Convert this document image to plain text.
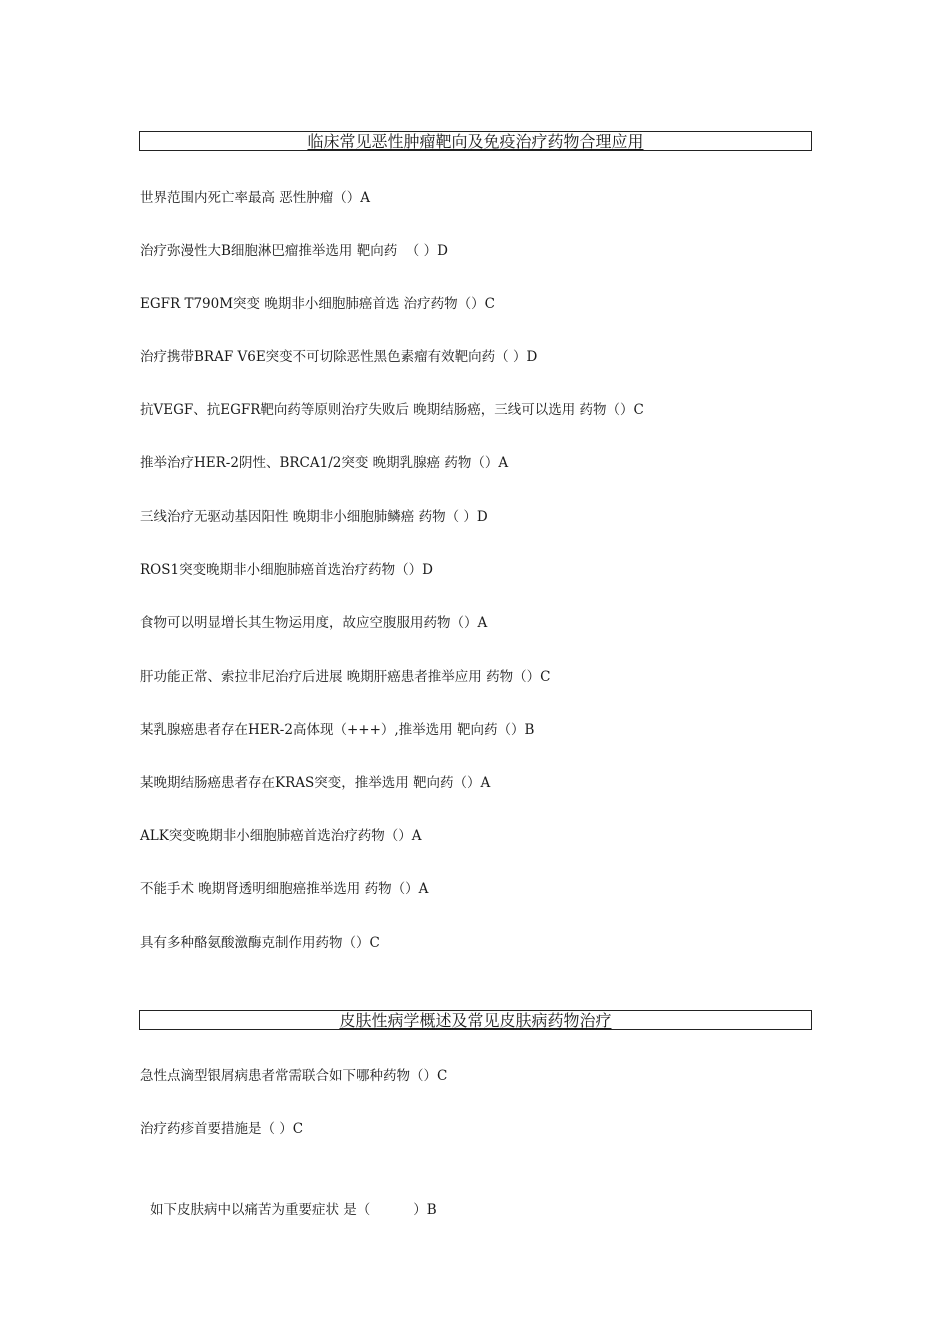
临床常见恶性肿瘤靶向及免疫治疗药物合理应用
世界范围内死亡率最高 恶性肿瘤（）A
治疗弥漫性大B细胞淋巴瘤推举选用 靶向药  （ ）D
EGFR T790M突变 晚期非小细胞肺癌首选 治疗药物（）C
治疗携带BRAF V6E突变不可切除恶性黑色素瘤有效靶向药（ ）D
抗VEGF、抗EGFR靶向药等原则治疗失败后 晚期结肠癌，三线可以选用 药物（）C
推举治疗HER-2阴性、BRCA1/2突变 晚期乳腺癌 药物（）A
三线治疗无驱动基因阳性 晚期非小细胞肺鳞癌 药物（ ）D
ROS1突变晚期非小细胞肺癌首选治疗药物（）D
食物可以明显增长其生物运用度，故应空腹服用药物（）A
肝功能正常、索拉非尼治疗后进展 晚期肝癌患者推举应用 药物（）C
某乳腺癌患者存在HER-2高体现（+++）,推举选用 靶向药（）B
某晚期结肠癌患者存在KRAS突变，推举选用 靶向药（）A
ALK突变晚期非小细胞肺癌首选治疗药物（）A
不能手术 晚期肾透明细胞癌推举选用 药物（）A
具有多种酪氨酸激酶克制作用药物（）C
皮肤性病学概述及常见皮肤病药物治疗
急性点滴型银屑病患者常需联合如下哪种药物（）C
治疗药疹首要措施是（ ）C
如下皮肤病中以痛苦为重要症状 是（          ）B
